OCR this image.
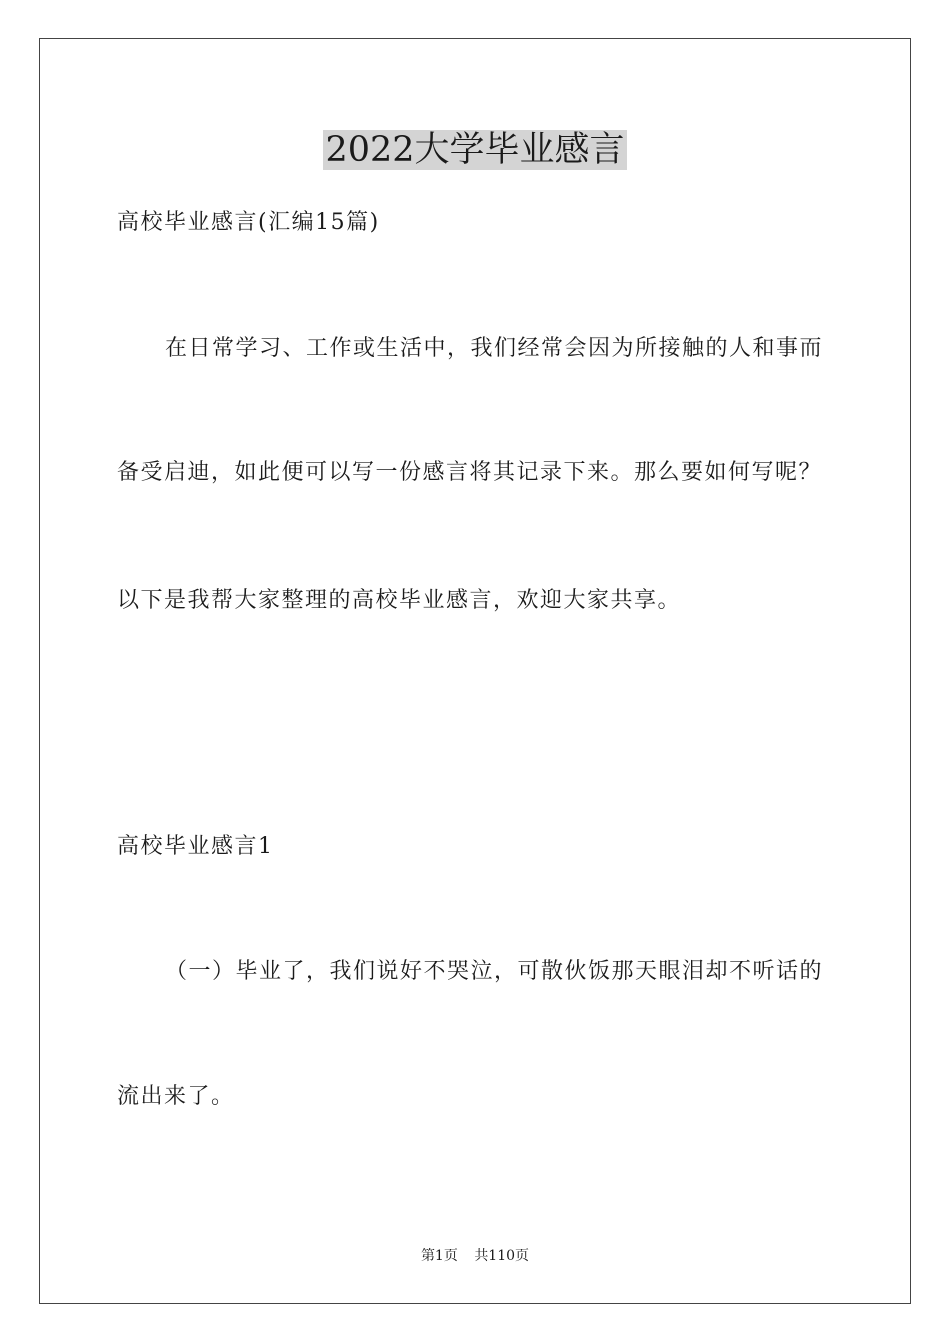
2022大学毕业感言

高校毕业感言(汇编15篇)

在日常学习、工作或生活中，我们经常会因为所接触的人和事而

备受启迪，如此便可以写一份感言将其记录下来。那么要如何写呢？

以下是我帮大家整理的高校毕业感言，欢迎大家共享。

高校毕业感言1

（一）毕业了，我们说好不哭泣，可散伙饭那天眼泪却不听话的

流出来了。

第1页 共110页
